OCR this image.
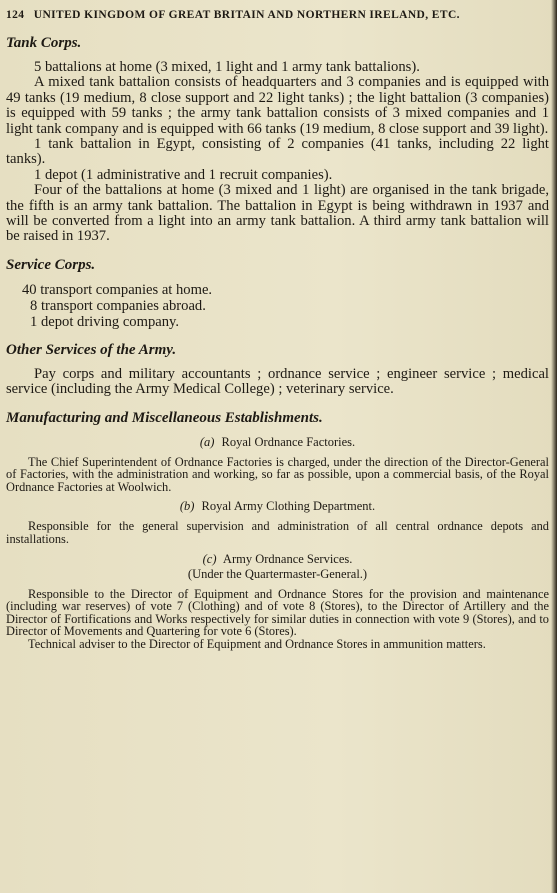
124 UNITED KINGDOM OF GREAT BRITAIN AND NORTHERN IRELAND, ETC.
Tank Corps.

5 battalions at home (3 mixed, 1 light and 1 army tank battalions).

A mixed tank battalion consists of headquarters and 3 companies and is equipped with 49 tanks (19 medium, 8 close support and 22 light tanks) ; the light battalion (3 companies) is equipped with 59 tanks ; the army tank battalion consists of 3 mixed companies and 1 light tank company and is equipped with 66 tanks (19 medium, 8 close support and 39 light).

1 tank battalion in Egypt, consisting of 2 companies (41 tanks, including 22 light tanks).

1 depot (1 administrative and 1 recruit companies).

Four of the battalions at home (3 mixed and 1 light) are organised in the tank brigade, the fifth is an army tank battalion. The battalion in Egypt is being withdrawn in 1937 and will be converted from a light into an army tank battalion. A third army tank battalion will be raised in 1937.

Service Corps.
40 transport companies at home.
8 transport companies abroad.
1 depot driving company.
Other Services of the Army.

Pay corps and military accountants ; ordnance service ; engineer service ; medical service (including the Army Medical College) ; veterinary service.

Manufacturing and Miscellaneous Establishments.
(a) Royal Ordnance Factories.

The Chief Superintendent of Ordnance Factories is charged, under the direction of the Director-General of Factories, with the administration and working, so far as possible, upon a commercial basis, of the Royal Ordnance Factories at Woolwich.

(b) Royal Army Clothing Department.

Responsible for the general supervision and administration of all central ordnance depots and installations.

(c) Army Ordnance Services.
(Under the Quartermaster-General.)

Responsible to the Director of Equipment and Ordnance Stores for the provision and maintenance (including war reserves) of vote 7 (Clothing) and of vote 8 (Stores), to the Director of Artillery and the Director of Fortifications and Works respectively for similar duties in connection with vote 9 (Stores), and to Director of Movements and Quartering for vote 6 (Stores).

Technical adviser to the Director of Equipment and Ordnance Stores in ammunition matters.
